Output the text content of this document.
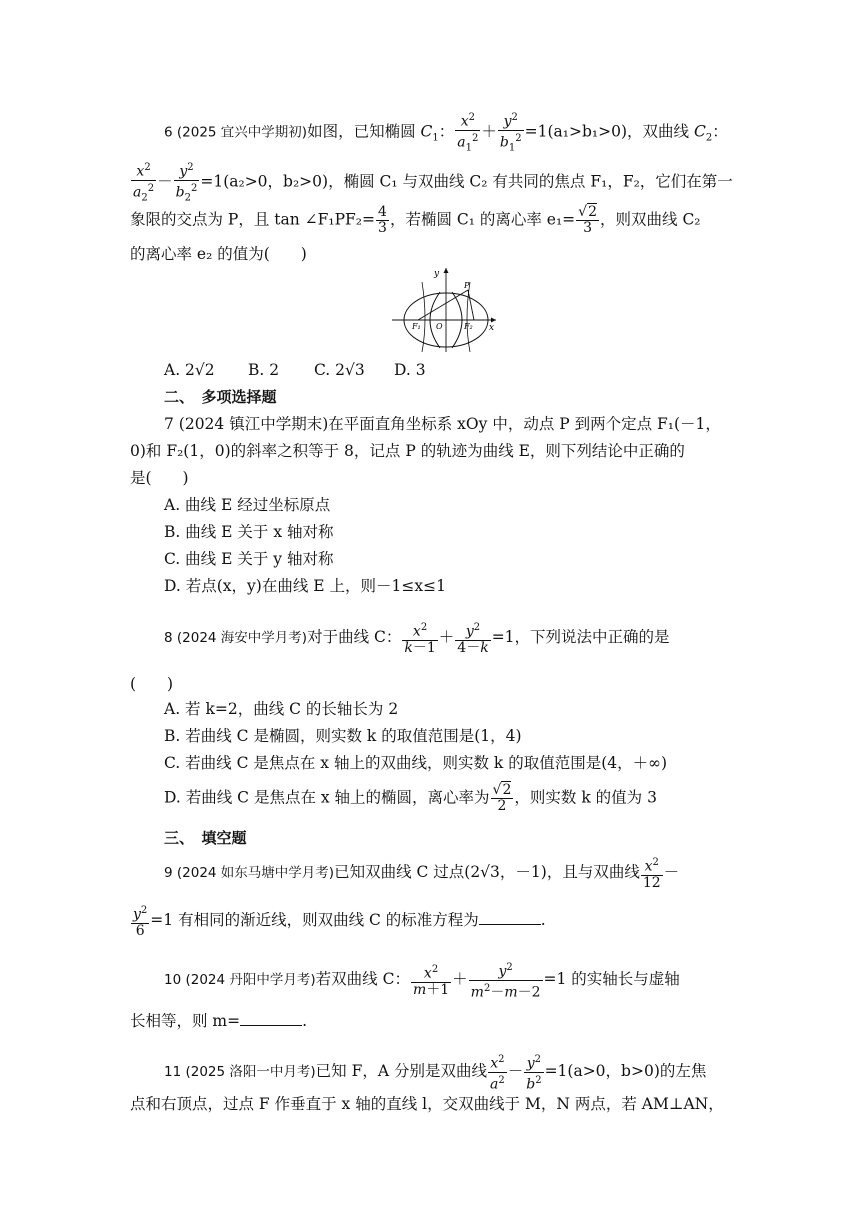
6 (2025 宜兴中学期初)如图，已知椭圆 $C_1$： $\frac{x^2}{a_1^2} + \frac{y^2}{b_1^2} =1(a_1>b_1>0)$，双曲线 $C_2$：
$\frac{x^2}{a_2^2} - \frac{y^2}{b_2^2} =1(a_2>0$，b₂>0)，椭圆 C₁ 与双曲线 C₂ 有共同的焦点 F₁，F₂，它们在第一
象限的交点为 P，且 tan ∠F₁PF₂= $\frac{4}{3}$ ，若椭圆 C₁ 的离心率 $e_1= \frac{√2}{3}$ ，则双曲线 C₂
的离心率 e₂ 的值为(　　)
y
x
O
F₁	F₂
P
A. 2√2 B. 2 C. 2√3 D. 3
二、　多项选择题
7 (2024 镇江中学期末)在平面直角坐标系 xOy 中，动点 P 到两个定点 F₁(－1，
0)和 F₂(1，0)的斜率之积等于 8，记点 P 的轨迹为曲线 E，则下列结论中正确的
是(　　)
A. 曲线 E 经过坐标原点
B. 曲线 E 关于 x 轴对称
C. 曲线 E 关于 y 轴对称
D. 若点(x，y)在曲线 E 上，则－1≤x≤1
8 (2024 海安中学月考)对于曲线 C： $\frac{x^2}{k-1} + \frac{y^2}{4-k} =1$，下列说法中正确的是
(　　)
A. 若 k=2，曲线 C 的长轴长为 2
B. 若曲线 C 是椭圆，则实数 k 的取值范围是(1，4)
C. 若曲线 C 是焦点在 x 轴上的双曲线，则实数 k 的取值范围是(4，＋∞)
D. 若曲线 C 是焦点在 x 轴上的椭圆，离心率为 $\frac{√2}{2}$ ，则实数 k 的值为 3
三、　填空题
9 (2024 如东马塘中学月考)已知双曲线 C 过点(2√3，－1)，且与双曲线 $\frac{x^2}{12}$ －
$\frac{y^2}{6} =1$ 有相同的渐近线，则双曲线 C 的标准方程为	.
10 (2024 丹阳中学月考)若双曲线 C： $\frac{x^2}{m+1} + \frac{y^2}{m^2-m-2} =1$ 的实轴长与虚轴
长相等，则 m=	.
11 (2025 洛阳一中月考)已知 F，A 分别是双曲线 $\frac{x^2}{a^2} - \frac{y^2}{b^2} =1(a>0$，b>0)的左焦
点和右顶点，过点 F 作垂直于 x 轴的直线 l，交双曲线于 M，N 两点，若 AM⊥AN，
